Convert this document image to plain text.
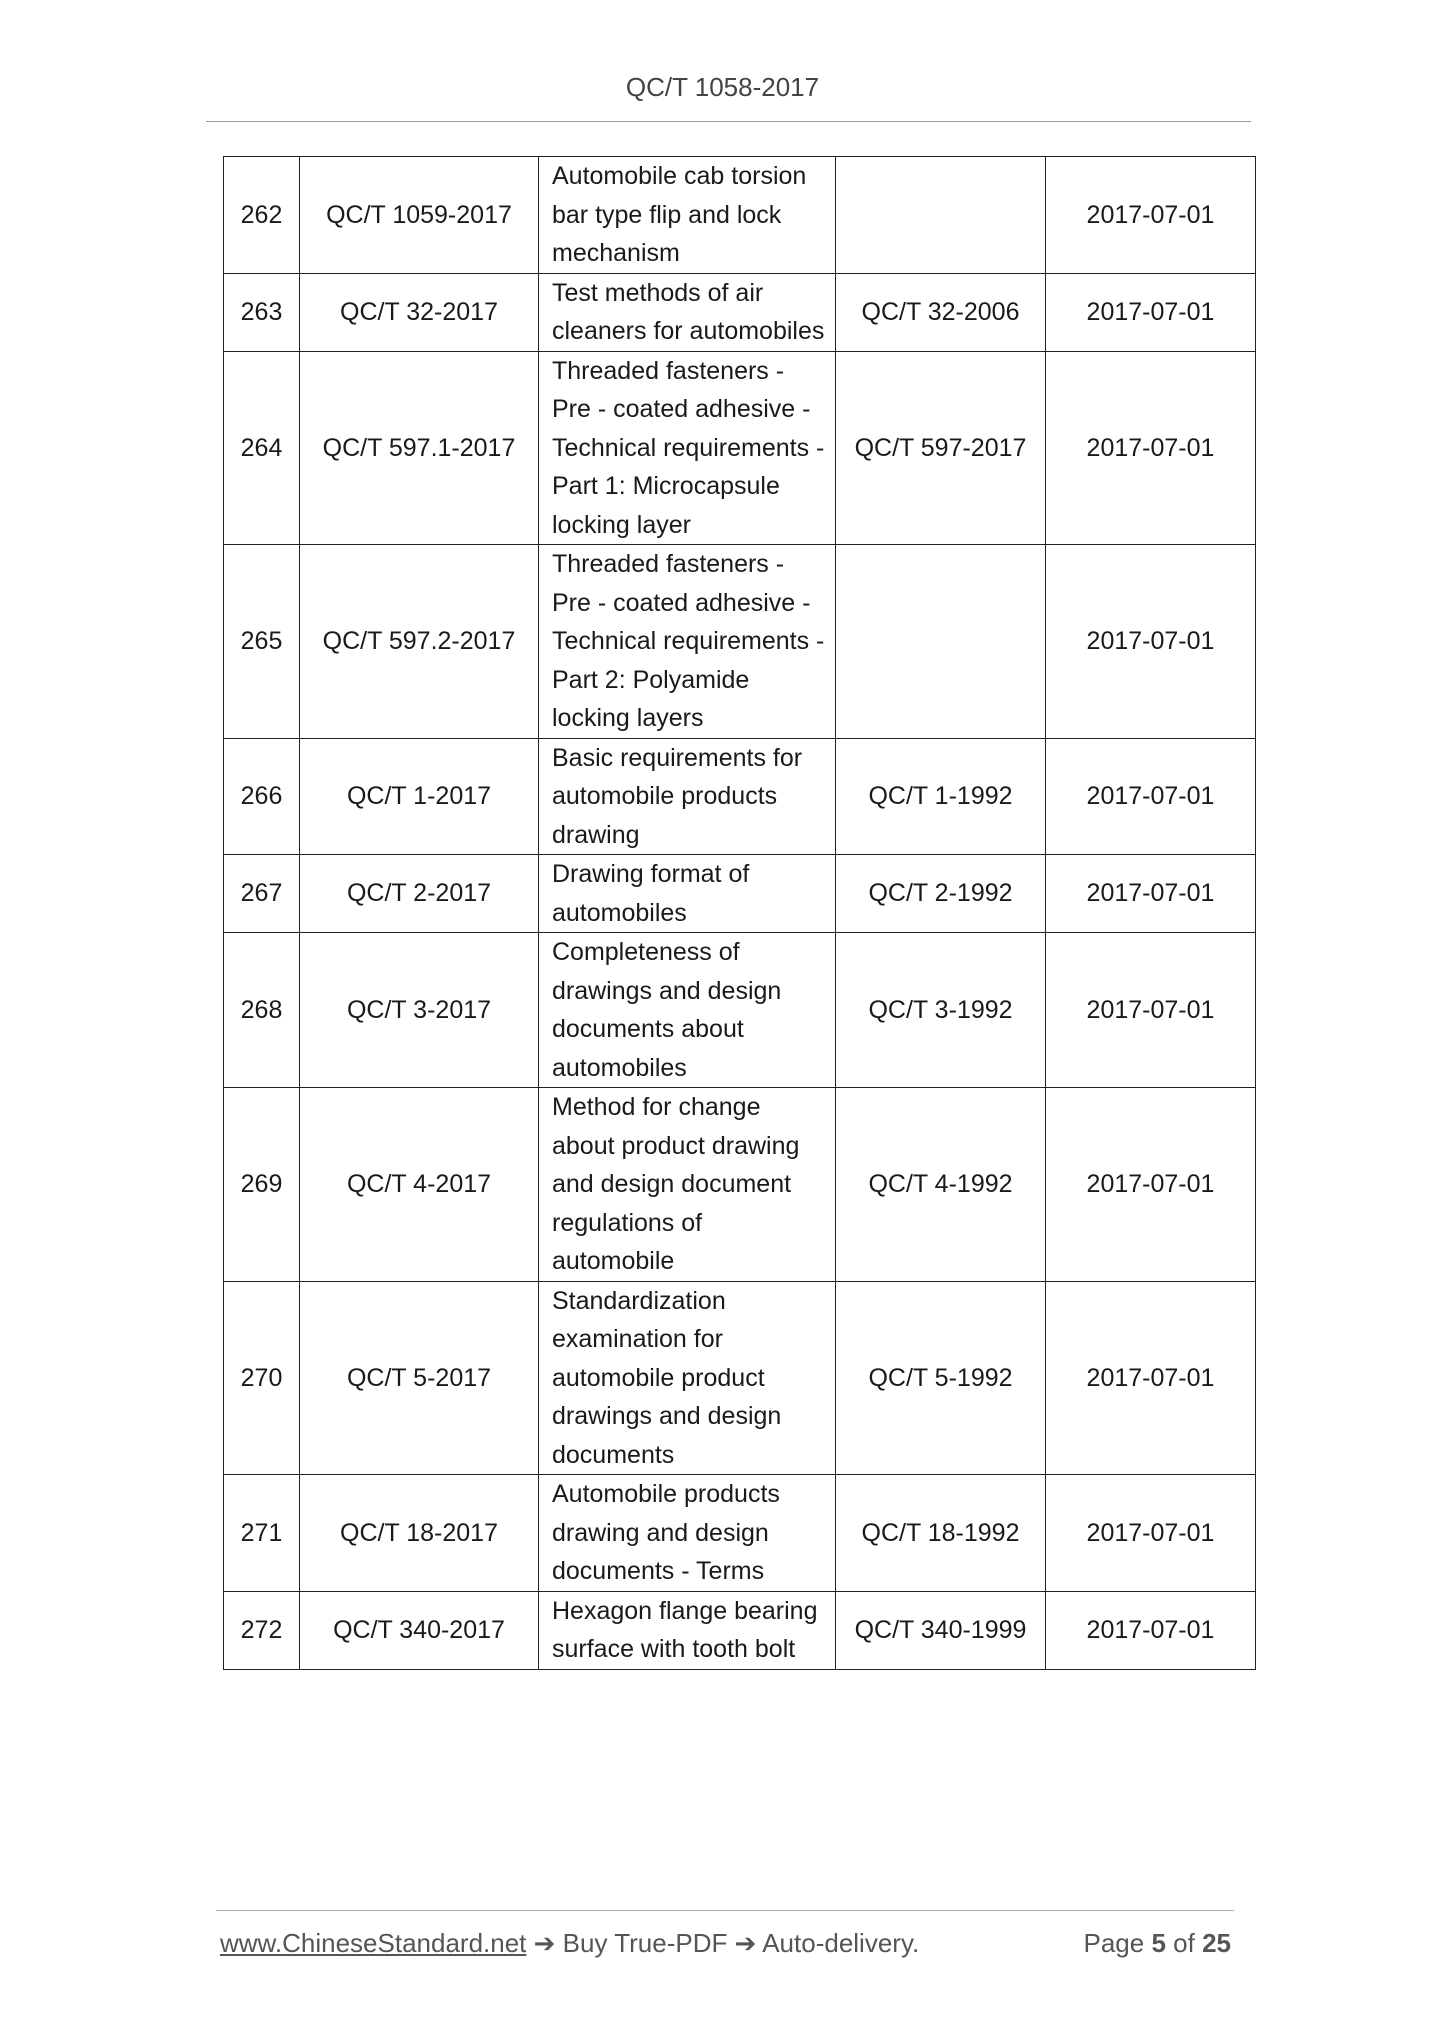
QC/T 1058-2017
262	QC/T 1059-2017	Automobile cab torsion bar type flip and lock mechanism		2017-07-01
263	QC/T 32-2017	Test methods of air cleaners for automobiles	QC/T 32-2006	2017-07-01
264	QC/T 597.1-2017	Threaded fasteners - Pre - coated adhesive - Technical requirements - Part 1: Microcapsule locking layer	QC/T 597-2017	2017-07-01
265	QC/T 597.2-2017	Threaded fasteners - Pre - coated adhesive - Technical requirements - Part 2: Polyamide locking layers		2017-07-01
266	QC/T 1-2017	Basic requirements for automobile products drawing	QC/T 1-1992	2017-07-01
267	QC/T 2-2017	Drawing format of automobiles	QC/T 2-1992	2017-07-01
268	QC/T 3-2017	Completeness of drawings and design documents about automobiles	QC/T 3-1992	2017-07-01
269	QC/T 4-2017	Method for change about product drawing and design document regulations of automobile	QC/T 4-1992	2017-07-01
270	QC/T 5-2017	Standardization examination for automobile product drawings and design documents	QC/T 5-1992	2017-07-01
271	QC/T 18-2017	Automobile products drawing and design documents - Terms	QC/T 18-1992	2017-07-01
272	QC/T 340-2017	Hexagon flange bearing surface with tooth bolt	QC/T 340-1999	2017-07-01
www.ChineseStandard.net ➔ Buy True-PDF ➔ Auto-delivery.	Page 5 of 25
